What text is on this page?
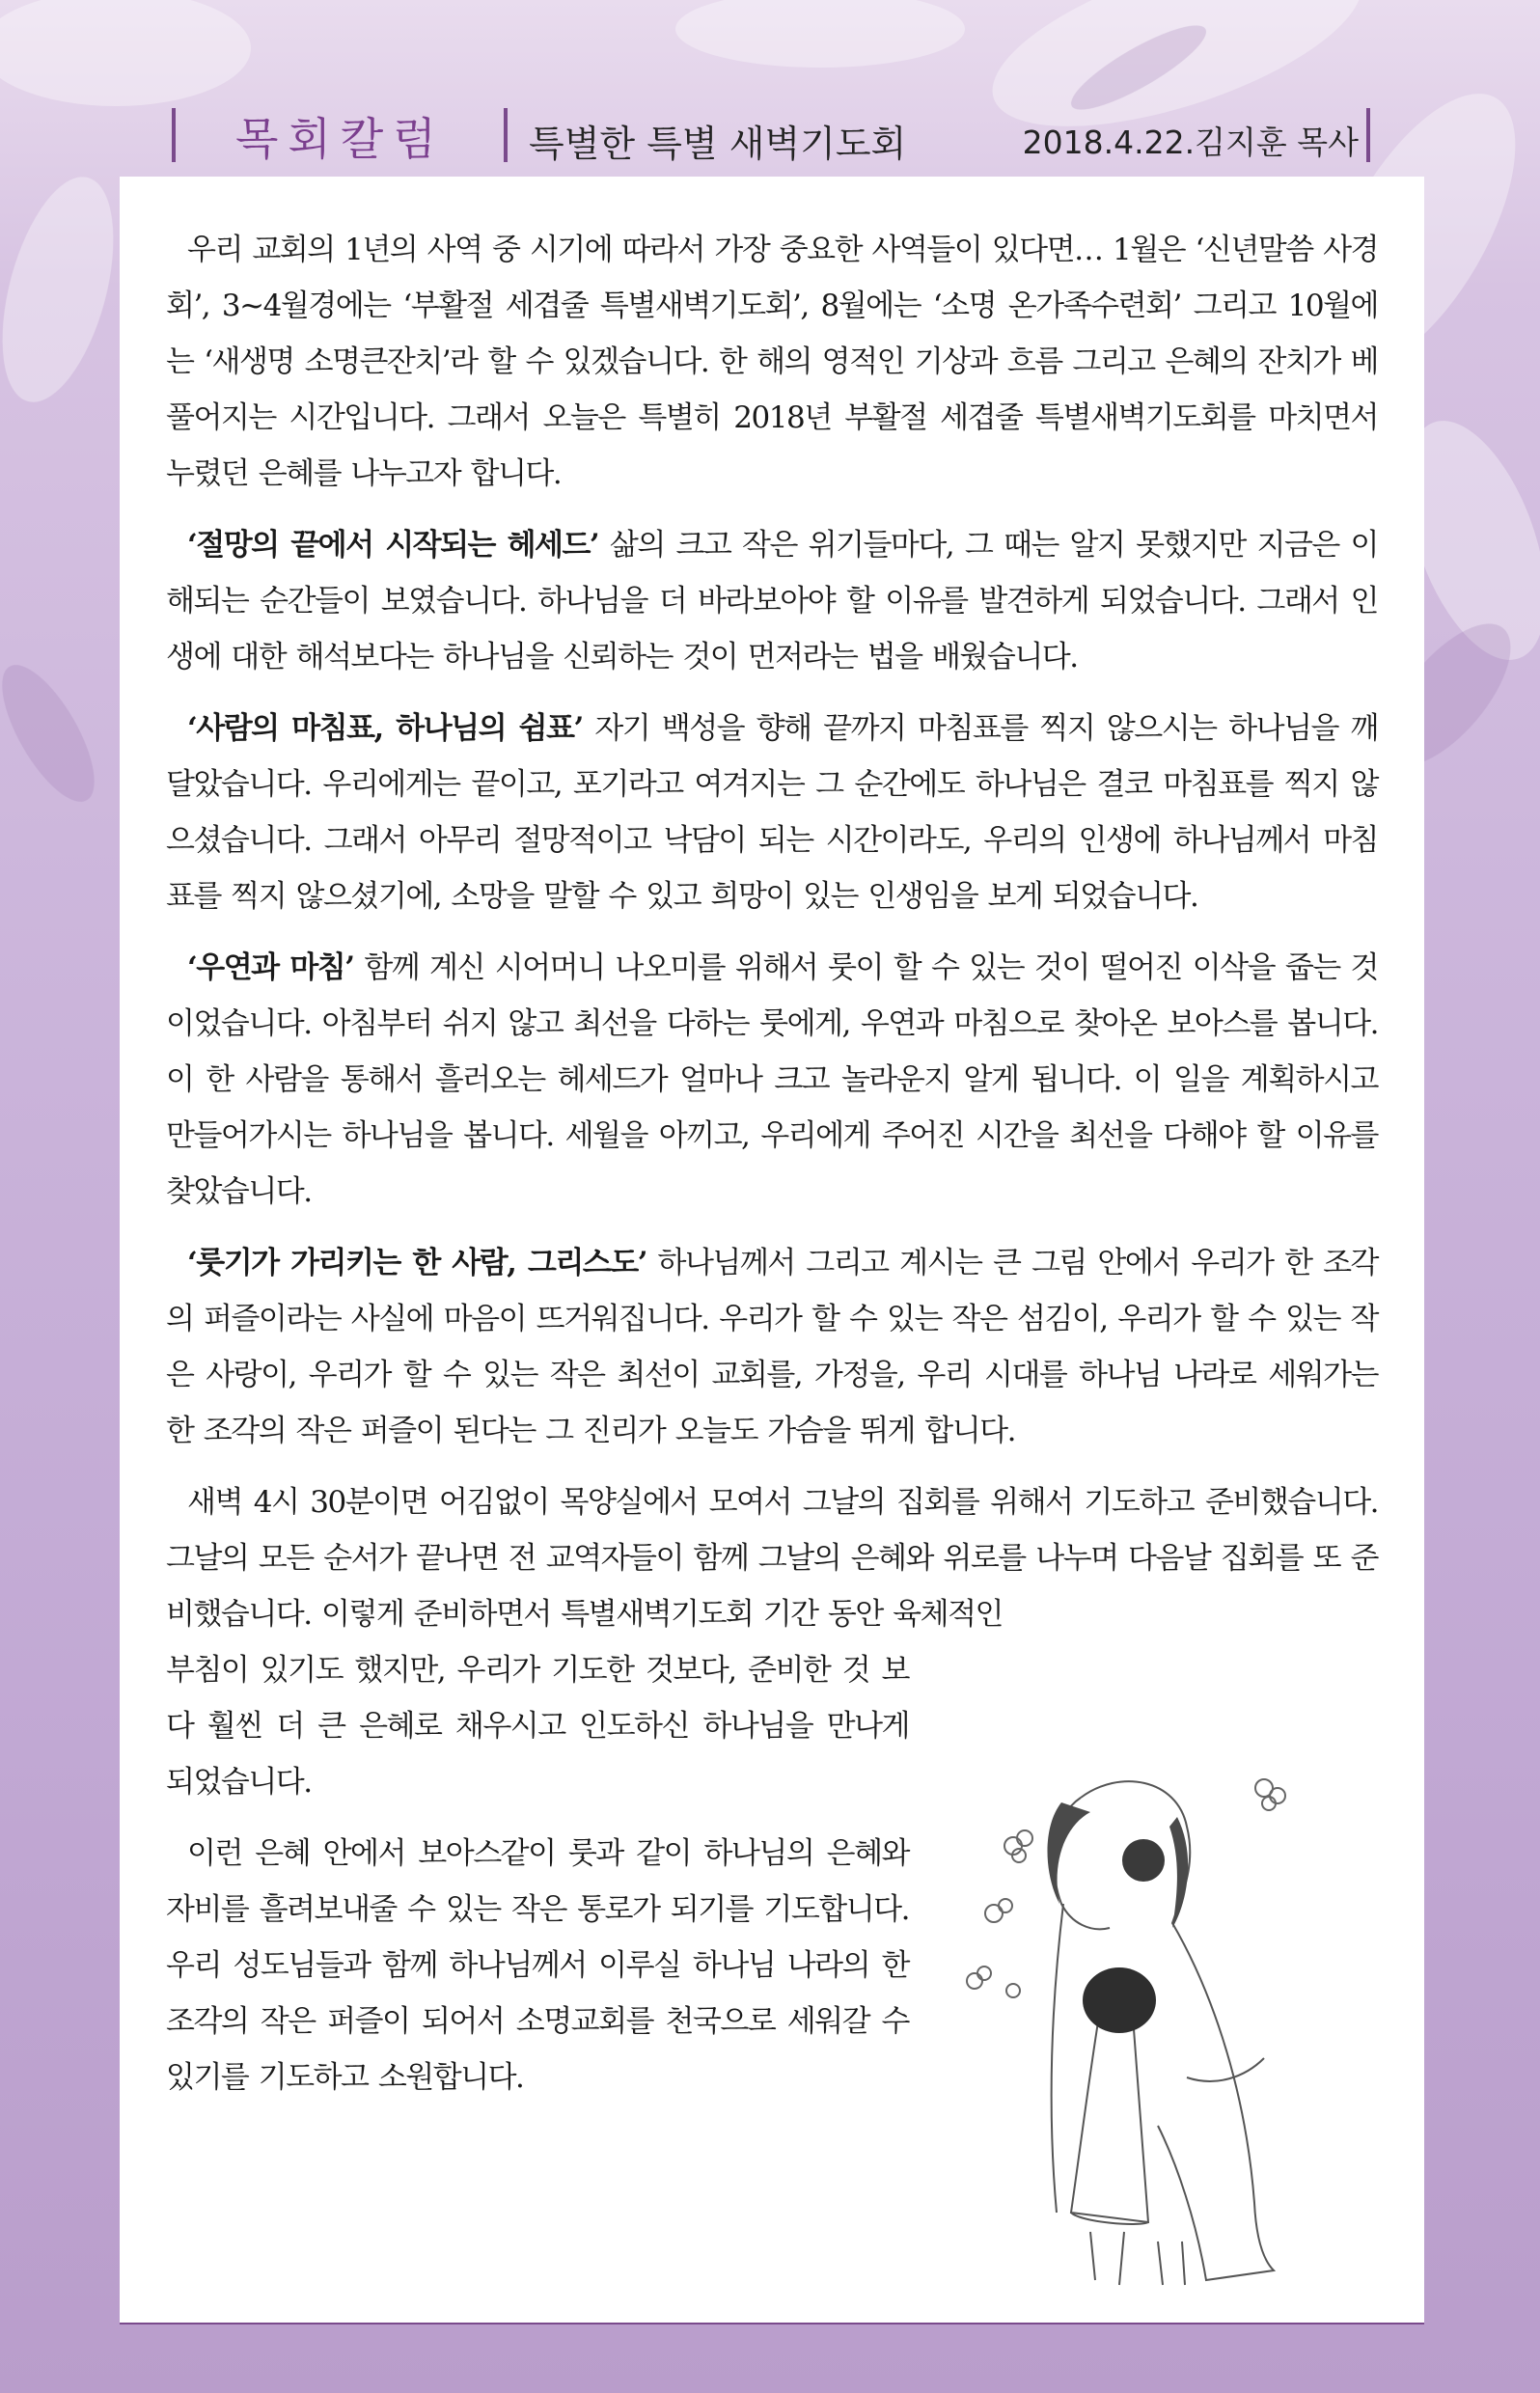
목회칼럼 특별한 특별 새벽기도회	2018.4.22.김지훈 목사

우리 교회의 1년의 사역 중 시기에 따라서 가장 중요한 사역들이 있다면… 1월은 ‘신년말씀 사경회’, 3~4월경에는 ‘부활절 세겹줄 특별새벽기도회’, 8월에는 ‘소명 온가족수련회’ 그리고 10월에는 ‘새생명 소명큰잔치’라 할 수 있겠습니다. 한 해의 영적인 기상과 흐름 그리고 은혜의 잔치가 베풀어지는 시간입니다. 그래서 오늘은 특별히 2018년 부활절 세겹줄 특별새벽기도회를 마치면서 누렸던 은혜를 나누고자 합니다.

‘절망의 끝에서 시작되는 헤세드’ 삶의 크고 작은 위기들마다, 그 때는 알지 못했지만 지금은 이해되는 순간들이 보였습니다. 하나님을 더 바라보아야 할 이유를 발견하게 되었습니다. 그래서 인생에 대한 해석보다는 하나님을 신뢰하는 것이 먼저라는 법을 배웠습니다.

‘사람의 마침표, 하나님의 쉼표’ 자기 백성을 향해 끝까지 마침표를 찍지 않으시는 하나님을 깨달았습니다. 우리에게는 끝이고, 포기라고 여겨지는 그 순간에도 하나님은 결코 마침표를 찍지 않으셨습니다. 그래서 아무리 절망적이고 낙담이 되는 시간이라도, 우리의 인생에 하나님께서 마침표를 찍지 않으셨기에, 소망을 말할 수 있고 희망이 있는 인생임을 보게 되었습니다.

‘우연과 마침’ 함께 계신 시어머니 나오미를 위해서 룻이 할 수 있는 것이 떨어진 이삭을 줍는 것이었습니다. 아침부터 쉬지 않고 최선을 다하는 룻에게, 우연과 마침으로 찾아온 보아스를 봅니다. 이 한 사람을 통해서 흘러오는 헤세드가 얼마나 크고 놀라운지 알게 됩니다. 이 일을 계획하시고 만들어가시는 하나님을 봅니다. 세월을 아끼고, 우리에게 주어진 시간을 최선을 다해야 할 이유를 찾았습니다.

‘룻기가 가리키는 한 사람, 그리스도’ 하나님께서 그리고 계시는 큰 그림 안에서 우리가 한 조각의 퍼즐이라는 사실에 마음이 뜨거워집니다. 우리가 할 수 있는 작은 섬김이, 우리가 할 수 있는 작은 사랑이, 우리가 할 수 있는 작은 최선이 교회를, 가정을, 우리 시대를 하나님 나라로 세워가는 한 조각의 작은 퍼즐이 된다는 그 진리가 오늘도 가슴을 뛰게 합니다.

새벽 4시 30분이면 어김없이 목양실에서 모여서 그날의 집회를 위해서 기도하고 준비했습니다. 그날의 모든 순서가 끝나면 전 교역자들이 함께 그날의 은혜와 위로를 나누며 다음날 집회를 또 준비했습니다. 이렇게 준비하면서 특별새벽기도회 기간 동안 육체적인

부침이 있기도 했지만, 우리가 기도한 것보다, 준비한 것 보다 훨씬 더 큰 은혜로 채우시고 인도하신 하나님을 만나게 되었습니다.

이런 은혜 안에서 보아스같이 룻과 같이 하나님의 은혜와 자비를 흘려보내줄 수 있는 작은 통로가 되기를 기도합니다. 우리 성도님들과 함께 하나님께서 이루실 하나님 나라의 한 조각의 작은 퍼즐이 되어서 소명교회를 천국으로 세워갈 수 있기를 기도하고 소원합니다.
